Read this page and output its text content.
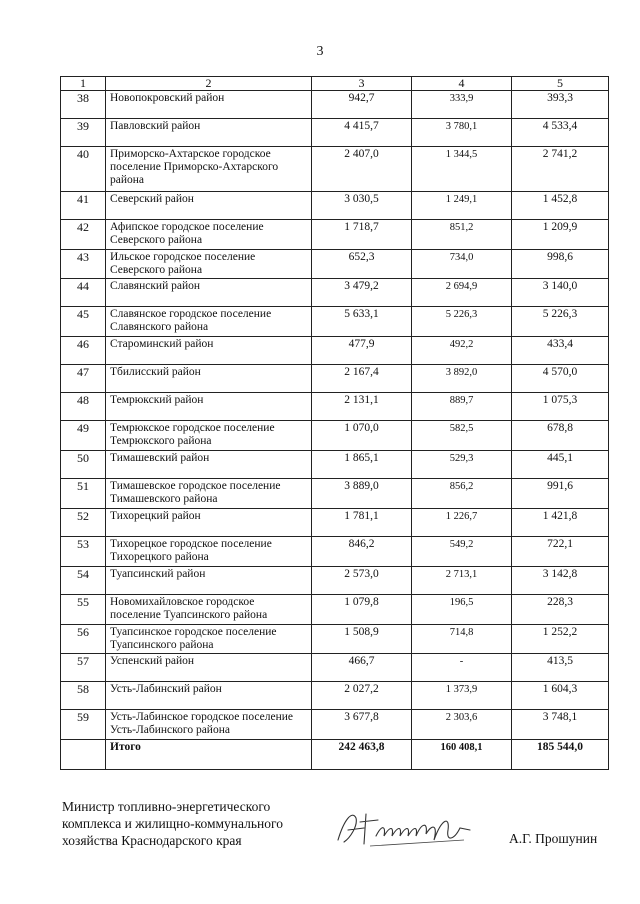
3
1	2	3	4	5
38	Новопокровский район	942,7	333,9	393,3
39	Павловский район	4 415,7	3 780,1	4 533,4
40	Приморско-Ахтарское городское поселение Приморско-Ахтарского района	2 407,0	1 344,5	2 741,2
41	Северский район	3 030,5	1 249,1	1 452,8
42	Афипское городское поселение Северского района	1 718,7	851,2	1 209,9
43	Ильское городское поселение Северского района	652,3	734,0	998,6
44	Славянский район	3 479,2	2 694,9	3 140,0
45	Славянское городское поселение Славянского района	5 633,1	5 226,3	5 226,3
46	Староминский район	477,9	492,2	433,4
47	Тбилисский район	2 167,4	3 892,0	4 570,0
48	Темрюкский район	2 131,1	889,7	1 075,3
49	Темрюкское городское поселение Темрюкского района	1 070,0	582,5	678,8
50	Тимашевский район	1 865,1	529,3	445,1
51	Тимашевское городское поселение Тимашевского района	3 889,0	856,2	991,6
52	Тихорецкий район	1 781,1	1 226,7	1 421,8
53	Тихорецкое городское поселение Тихорецкого района	846,2	549,2	722,1
54	Туапсинский район	2 573,0	2 713,1	3 142,8
55	Новомихайловское городское поселение Туапсинского района	1 079,8	196,5	228,3
56	Туапсинское городское поселение Туапсинского района	1 508,9	714,8	1 252,2
57	Успенский район	466,7	-	413,5
58	Усть-Лабинский район	2 027,2	1 373,9	1 604,3
59	Усть-Лабинское городское поселение Усть-Лабинского района	3 677,8	2 303,6	3 748,1
	Итого	242 463,8	160 408,1	185 544,0
Министр топливно-энергетического
комплекса и жилищно-коммунального
хозяйства Краснодарского края	А.Г. Прошунин
